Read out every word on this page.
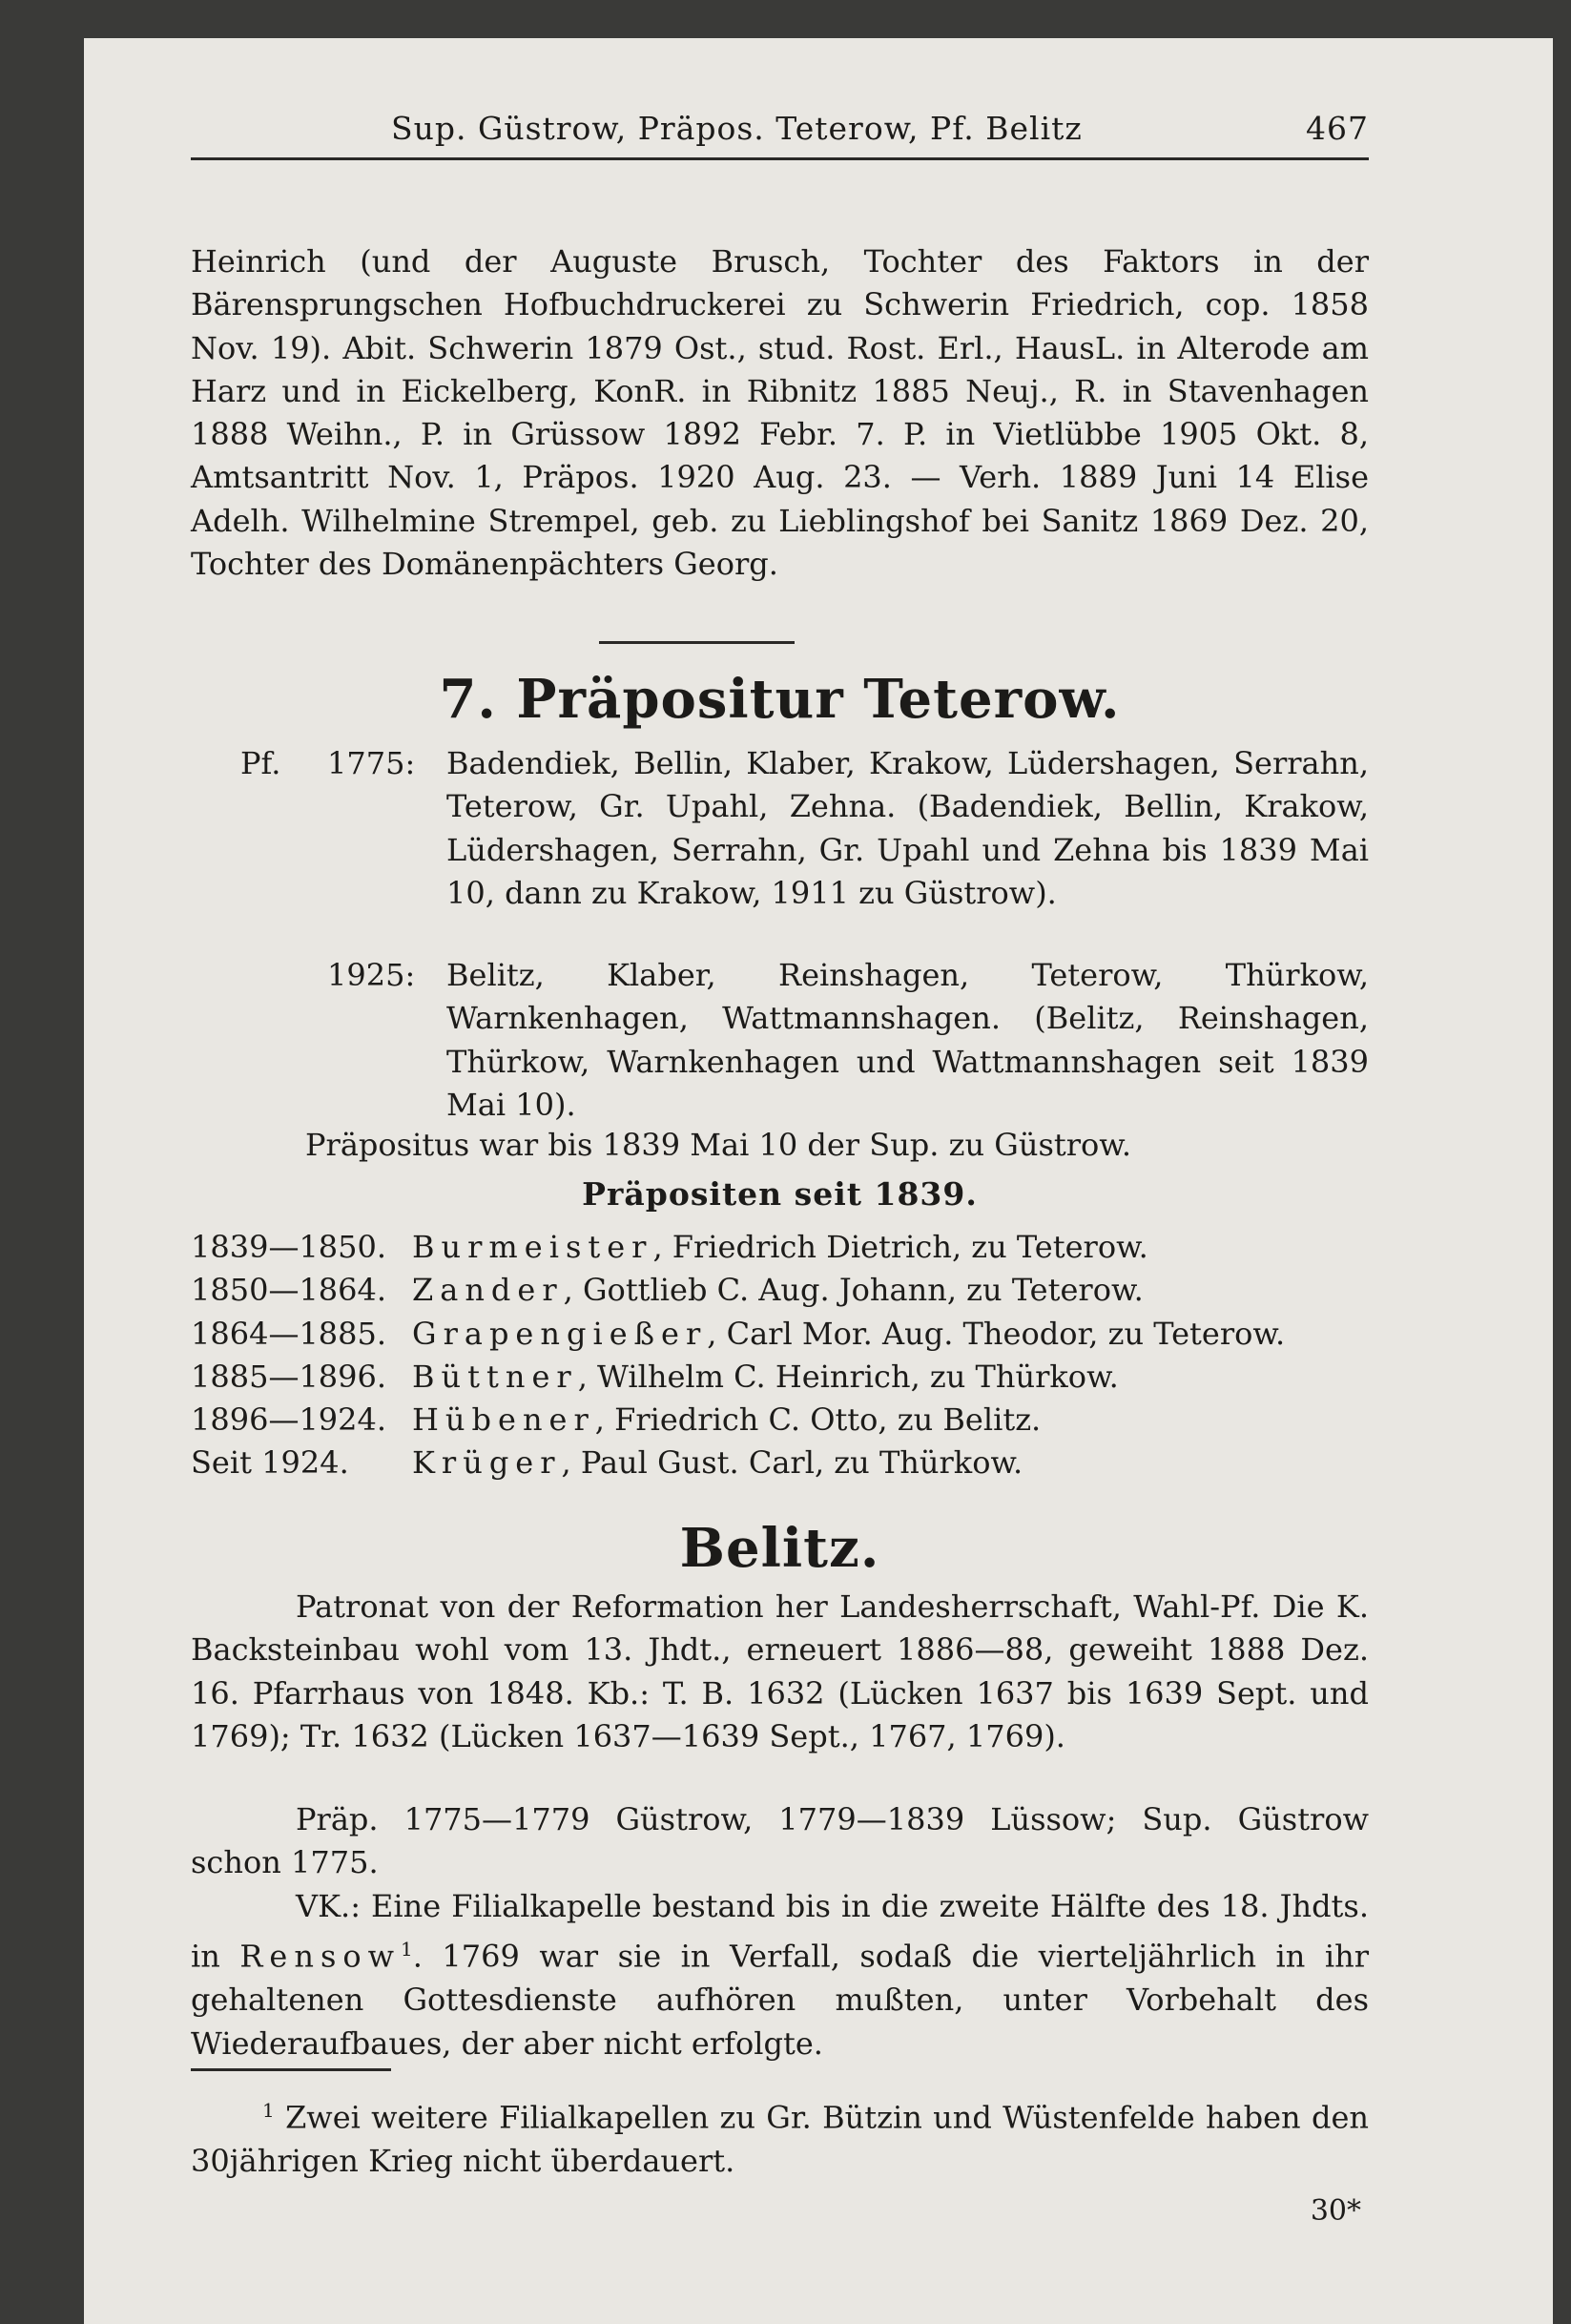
Sup. Güstrow, Präpos. Teterow, Pf. Belitz	467

Heinrich (und der Auguste Brusch, Tochter des Faktors in der Bärensprungschen Hofbuchdruckerei zu Schwerin Friedrich, cop. 1858 Nov. 19). Abit. Schwerin 1879 Ost., stud. Rost. Erl., HausL. in Alterode am Harz und in Eickelberg, KonR. in Ribnitz 1885 Neuj., R. in Stavenhagen 1888 Weihn., P. in Grüssow 1892 Febr. 7. P. in Vietlübbe 1905 Okt. 8, Amtsantritt Nov. 1, Präpos. 1920 Aug. 23. — Verh. 1889 Juni 14 Elise Adelh. Wilhelmine Strempel, geb. zu Lieblingshof bei Sanitz 1869 Dez. 20, Tochter des Domänenpächters Georg.

7. Präpositur Teterow.
Pf. 1775: Badendiek, Bellin, Klaber, Krakow, Lüdershagen, Serrahn, Teterow, Gr. Upahl, Zehna. (Badendiek, Bellin, Krakow, Lüdershagen, Serrahn, Gr. Upahl und Zehna bis 1839 Mai 10, dann zu Krakow, 1911 zu Güstrow).
1925: Belitz, Klaber, Reinshagen, Teterow, Thürkow, Warnkenhagen, Wattmannshagen. (Belitz, Reinshagen, Thürkow, Warnkenhagen und Wattmannshagen seit 1839 Mai 10).

Präpositus war bis 1839 Mai 10 der Sup. zu Güstrow.

Präpositen seit 1839.
1839—1850. Burmeister, Friedrich Dietrich, zu Teterow.
1850—1864. Zander, Gottlieb C. Aug. Johann, zu Teterow.
1864—1885. Grapengießer, Carl Mor. Aug. Theodor, zu Teterow.
1885—1896. Büttner, Wilhelm C. Heinrich, zu Thürkow.
1896—1924. Hübener, Friedrich C. Otto, zu Belitz.
Seit 1924. Krüger, Paul Gust. Carl, zu Thürkow.
Belitz.

Patronat von der Reformation her Landesherrschaft, Wahl-Pf. Die K. Backsteinbau wohl vom 13. Jhdt., erneuert 1886—88, geweiht 1888 Dez. 16. Pfarrhaus von 1848. Kb.: T. B. 1632 (Lücken 1637 bis 1639 Sept. und 1769); Tr. 1632 (Lücken 1637—1639 Sept., 1767, 1769).

Präp. 1775—1779 Güstrow, 1779—1839 Lüssow; Sup. Güstrow schon 1775.

VK.: Eine Filialkapelle bestand bis in die zweite Hälfte des 18. Jhdts. in Rensow$^1$. 1769 war sie in Verfall, sodaß die vierteljährlich in ihr gehaltenen Gottesdienste aufhören mußten, unter Vorbehalt des Wiederaufbaues, der aber nicht erfolgte.

$^1$ Zwei weitere Filialkapellen zu Gr. Bützin und Wüstenfelde haben den 30jährigen Krieg nicht überdauert.

30*
